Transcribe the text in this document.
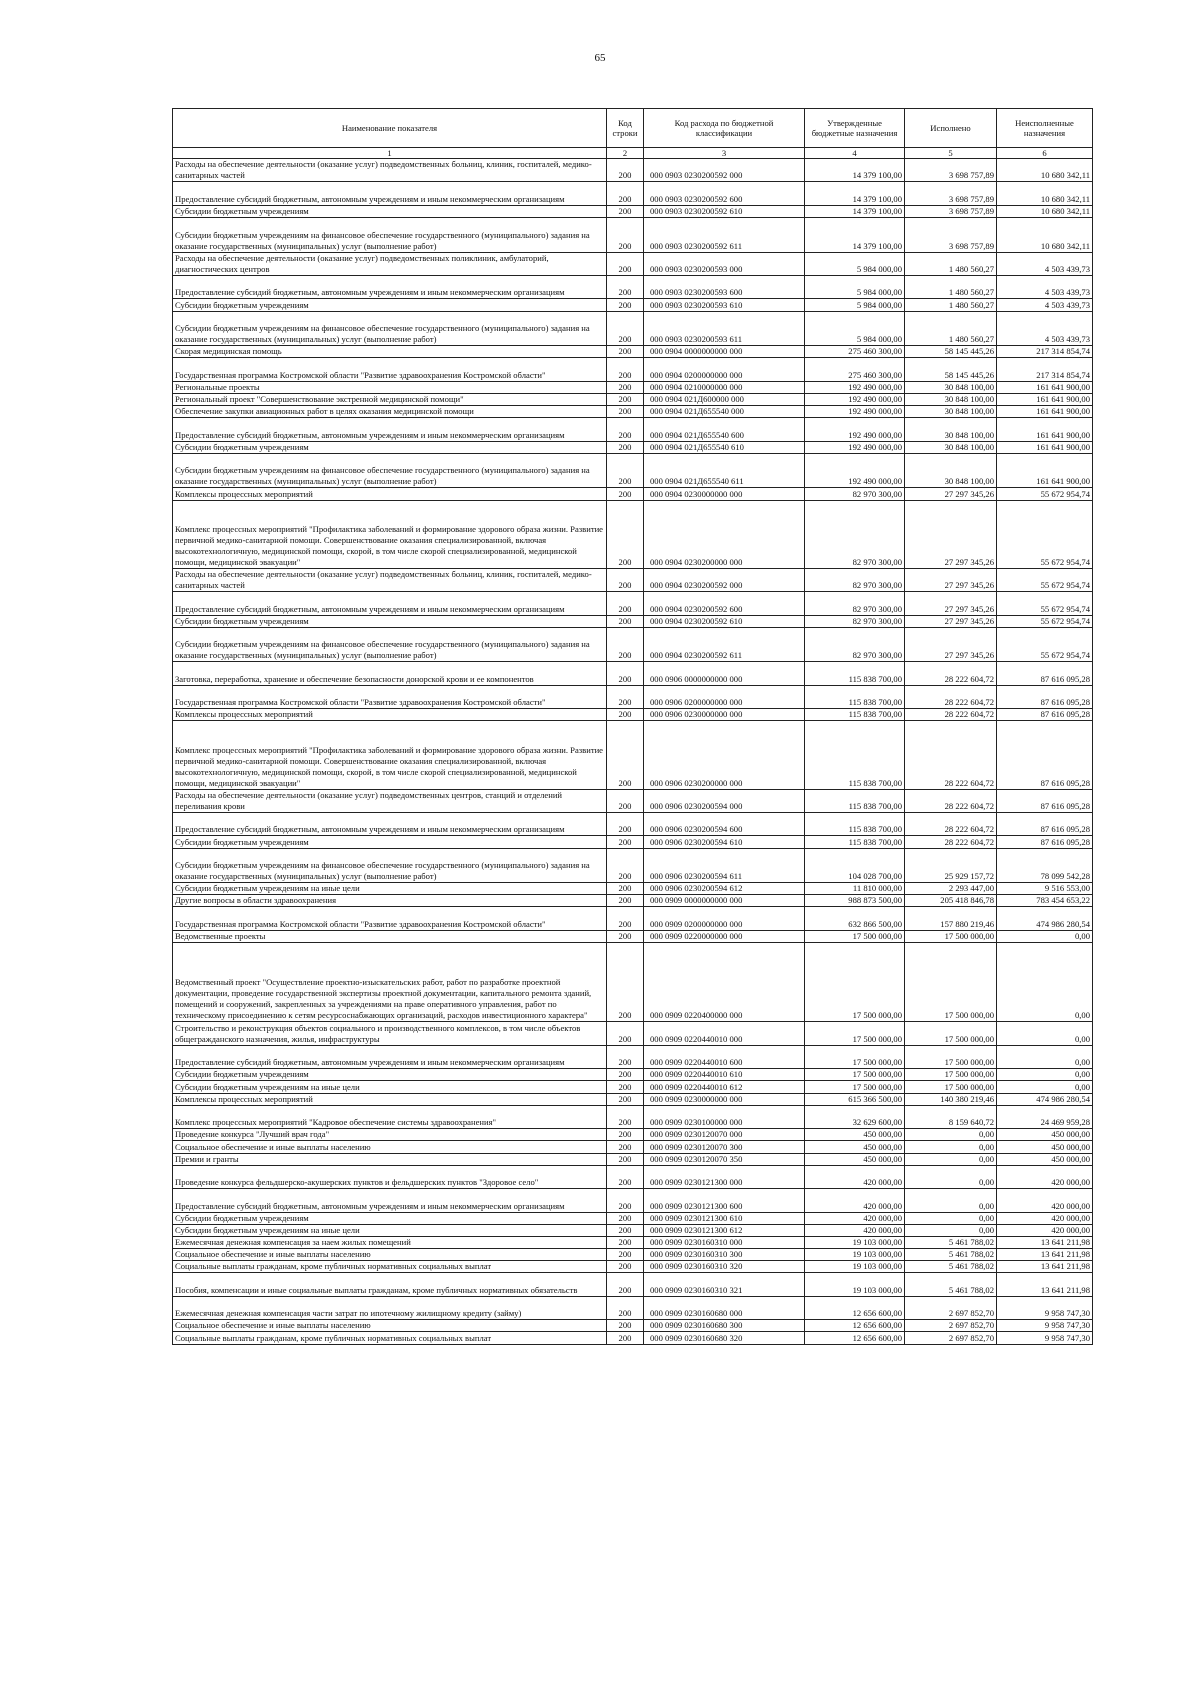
65
Наименование показателя	Код строки	Код расхода по бюджетной классификации	Утвержденные бюджетные назначения	Исполнено	Неисполненные назначения
1	2	3	4	5	6
Расходы на обеспечение деятельности (оказание услуг) подведомственных больниц, клиник, госпиталей, медико-санитарных частей	200	000 0903 0230200592 000	14 379 100,00	3 698 757,89	10 680 342,11
Предоставление субсидий бюджетным, автономным учреждениям и иным некоммерческим организациям	200	000 0903 0230200592 600	14 379 100,00	3 698 757,89	10 680 342,11
Субсидии бюджетным учреждениям	200	000 0903 0230200592 610	14 379 100,00	3 698 757,89	10 680 342,11
Субсидии бюджетным учреждениям на финансовое обеспечение государственного (муниципального) задания на оказание государственных (муниципальных) услуг (выполнение работ)	200	000 0903 0230200592 611	14 379 100,00	3 698 757,89	10 680 342,11
Расходы на обеспечение деятельности (оказание услуг) подведомственных поликлиник, амбулаторий, диагностических центров	200	000 0903 0230200593 000	5 984 000,00	1 480 560,27	4 503 439,73
Предоставление субсидий бюджетным, автономным учреждениям и иным некоммерческим организациям	200	000 0903 0230200593 600	5 984 000,00	1 480 560,27	4 503 439,73
Субсидии бюджетным учреждениям	200	000 0903 0230200593 610	5 984 000,00	1 480 560,27	4 503 439,73
Субсидии бюджетным учреждениям на финансовое обеспечение государственного (муниципального) задания на оказание государственных (муниципальных) услуг (выполнение работ)	200	000 0903 0230200593 611	5 984 000,00	1 480 560,27	4 503 439,73
Скорая медицинская помощь	200	000 0904 0000000000 000	275 460 300,00	58 145 445,26	217 314 854,74
Государственная программа Костромской области "Развитие здравоохранения Костромской области"	200	000 0904 0200000000 000	275 460 300,00	58 145 445,26	217 314 854,74
Региональные проекты	200	000 0904 0210000000 000	192 490 000,00	30 848 100,00	161 641 900,00
Региональный проект "Совершенствование экстренной медицинской помощи"	200	000 0904 021Д600000 000	192 490 000,00	30 848 100,00	161 641 900,00
Обеспечение закупки авиационных работ в целях оказания медицинской помощи	200	000 0904 021Д655540 000	192 490 000,00	30 848 100,00	161 641 900,00
Предоставление субсидий бюджетным, автономным учреждениям и иным некоммерческим организациям	200	000 0904 021Д655540 600	192 490 000,00	30 848 100,00	161 641 900,00
Субсидии бюджетным учреждениям	200	000 0904 021Д655540 610	192 490 000,00	30 848 100,00	161 641 900,00
Субсидии бюджетным учреждениям на финансовое обеспечение государственного (муниципального) задания на оказание государственных (муниципальных) услуг (выполнение работ)	200	000 0904 021Д655540 611	192 490 000,00	30 848 100,00	161 641 900,00
Комплексы процессных мероприятий	200	000 0904 0230000000 000	82 970 300,00	27 297 345,26	55 672 954,74
Комплекс процессных мероприятий "Профилактика заболеваний и формирование здорового образа жизни. Развитие первичной медико-санитарной помощи. Совершенствование оказания специализированной, включая высокотехнологичную, медицинской помощи, скорой, в том числе скорой специализированной, медицинской помощи, медицинской эвакуации"	200	000 0904 0230200000 000	82 970 300,00	27 297 345,26	55 672 954,74
Расходы на обеспечение деятельности (оказание услуг) подведомственных больниц, клиник, госпиталей, медико-санитарных частей	200	000 0904 0230200592 000	82 970 300,00	27 297 345,26	55 672 954,74
Предоставление субсидий бюджетным, автономным учреждениям и иным некоммерческим организациям	200	000 0904 0230200592 600	82 970 300,00	27 297 345,26	55 672 954,74
Субсидии бюджетным учреждениям	200	000 0904 0230200592 610	82 970 300,00	27 297 345,26	55 672 954,74
Субсидии бюджетным учреждениям на финансовое обеспечение государственного (муниципального) задания на оказание государственных (муниципальных) услуг (выполнение работ)	200	000 0904 0230200592 611	82 970 300,00	27 297 345,26	55 672 954,74
Заготовка, переработка, хранение и обеспечение безопасности донорской крови и ее компонентов	200	000 0906 0000000000 000	115 838 700,00	28 222 604,72	87 616 095,28
Государственная программа Костромской области "Развитие здравоохранения Костромской области"	200	000 0906 0200000000 000	115 838 700,00	28 222 604,72	87 616 095,28
Комплексы процессных мероприятий	200	000 0906 0230000000 000	115 838 700,00	28 222 604,72	87 616 095,28
Комплекс процессных мероприятий "Профилактика заболеваний и формирование здорового образа жизни. Развитие первичной медико-санитарной помощи. Совершенствование оказания специализированной, включая высокотехнологичную, медицинской помощи, скорой, в том числе скорой специализированной, медицинской помощи, медицинской эвакуации"	200	000 0906 0230200000 000	115 838 700,00	28 222 604,72	87 616 095,28
Расходы на обеспечение деятельности (оказание услуг) подведомственных центров, станций и отделений переливания крови	200	000 0906 0230200594 000	115 838 700,00	28 222 604,72	87 616 095,28
Предоставление субсидий бюджетным, автономным учреждениям и иным некоммерческим организациям	200	000 0906 0230200594 600	115 838 700,00	28 222 604,72	87 616 095,28
Субсидии бюджетным учреждениям	200	000 0906 0230200594 610	115 838 700,00	28 222 604,72	87 616 095,28
Субсидии бюджетным учреждениям на финансовое обеспечение государственного (муниципального) задания на оказание государственных (муниципальных) услуг (выполнение работ)	200	000 0906 0230200594 611	104 028 700,00	25 929 157,72	78 099 542,28
Субсидии бюджетным учреждениям на иные цели	200	000 0906 0230200594 612	11 810 000,00	2 293 447,00	9 516 553,00
Другие вопросы в области здравоохранения	200	000 0909 0000000000 000	988 873 500,00	205 418 846,78	783 454 653,22
Государственная программа Костромской области "Развитие здравоохранения Костромской области"	200	000 0909 0200000000 000	632 866 500,00	157 880 219,46	474 986 280,54
Ведомственные проекты	200	000 0909 0220000000 000	17 500 000,00	17 500 000,00	0,00
Ведомственный проект "Осуществление проектно-изыскательских работ, работ по разработке проектной документации, проведение государственной экспертизы проектной документации, капитального ремонта зданий, помещений и сооружений, закрепленных за учреждениями на праве оперативного управления, работ по техническому присоединению к сетям ресурсоснабжающих организаций, расходов инвестиционного характера"	200	000 0909 0220400000 000	17 500 000,00	17 500 000,00	0,00
Строительство и реконструкция объектов социального и производственного комплексов, в том числе объектов общегражданского назначения, жилья, инфраструктуры	200	000 0909 0220440010 000	17 500 000,00	17 500 000,00	0,00
Предоставление субсидий бюджетным, автономным учреждениям и иным некоммерческим организациям	200	000 0909 0220440010 600	17 500 000,00	17 500 000,00	0,00
Субсидии бюджетным учреждениям	200	000 0909 0220440010 610	17 500 000,00	17 500 000,00	0,00
Субсидии бюджетным учреждениям на иные цели	200	000 0909 0220440010 612	17 500 000,00	17 500 000,00	0,00
Комплексы процессных мероприятий	200	000 0909 0230000000 000	615 366 500,00	140 380 219,46	474 986 280,54
Комплекс процессных мероприятий "Кадровое обеспечение системы здравоохранения"	200	000 0909 0230100000 000	32 629 600,00	8 159 640,72	24 469 959,28
Проведение конкурса "Лучший врач года"	200	000 0909 0230120070 000	450 000,00	0,00	450 000,00
Социальное обеспечение и иные выплаты населению	200	000 0909 0230120070 300	450 000,00	0,00	450 000,00
Премии и гранты	200	000 0909 0230120070 350	450 000,00	0,00	450 000,00
Проведение конкурса фельдшерско-акушерских пунктов и фельдшерских пунктов "Здоровое село"	200	000 0909 0230121300 000	420 000,00	0,00	420 000,00
Предоставление субсидий бюджетным, автономным учреждениям и иным некоммерческим организациям	200	000 0909 0230121300 600	420 000,00	0,00	420 000,00
Субсидии бюджетным учреждениям	200	000 0909 0230121300 610	420 000,00	0,00	420 000,00
Субсидии бюджетным учреждениям на иные цели	200	000 0909 0230121300 612	420 000,00	0,00	420 000,00
Ежемесячная денежная компенсация за наем жилых помещений	200	000 0909 0230160310 000	19 103 000,00	5 461 788,02	13 641 211,98
Социальное обеспечение и иные выплаты населению	200	000 0909 0230160310 300	19 103 000,00	5 461 788,02	13 641 211,98
Социальные выплаты гражданам, кроме публичных нормативных социальных выплат	200	000 0909 0230160310 320	19 103 000,00	5 461 788,02	13 641 211,98
Пособия, компенсации и иные социальные выплаты гражданам, кроме публичных нормативных обязательств	200	000 0909 0230160310 321	19 103 000,00	5 461 788,02	13 641 211,98
Ежемесячная денежная компенсация части затрат по ипотечному жилищному кредиту (займу)	200	000 0909 0230160680 000	12 656 600,00	2 697 852,70	9 958 747,30
Социальное обеспечение и иные выплаты населению	200	000 0909 0230160680 300	12 656 600,00	2 697 852,70	9 958 747,30
Социальные выплаты гражданам, кроме публичных нормативных социальных выплат	200	000 0909 0230160680 320	12 656 600,00	2 697 852,70	9 958 747,30
